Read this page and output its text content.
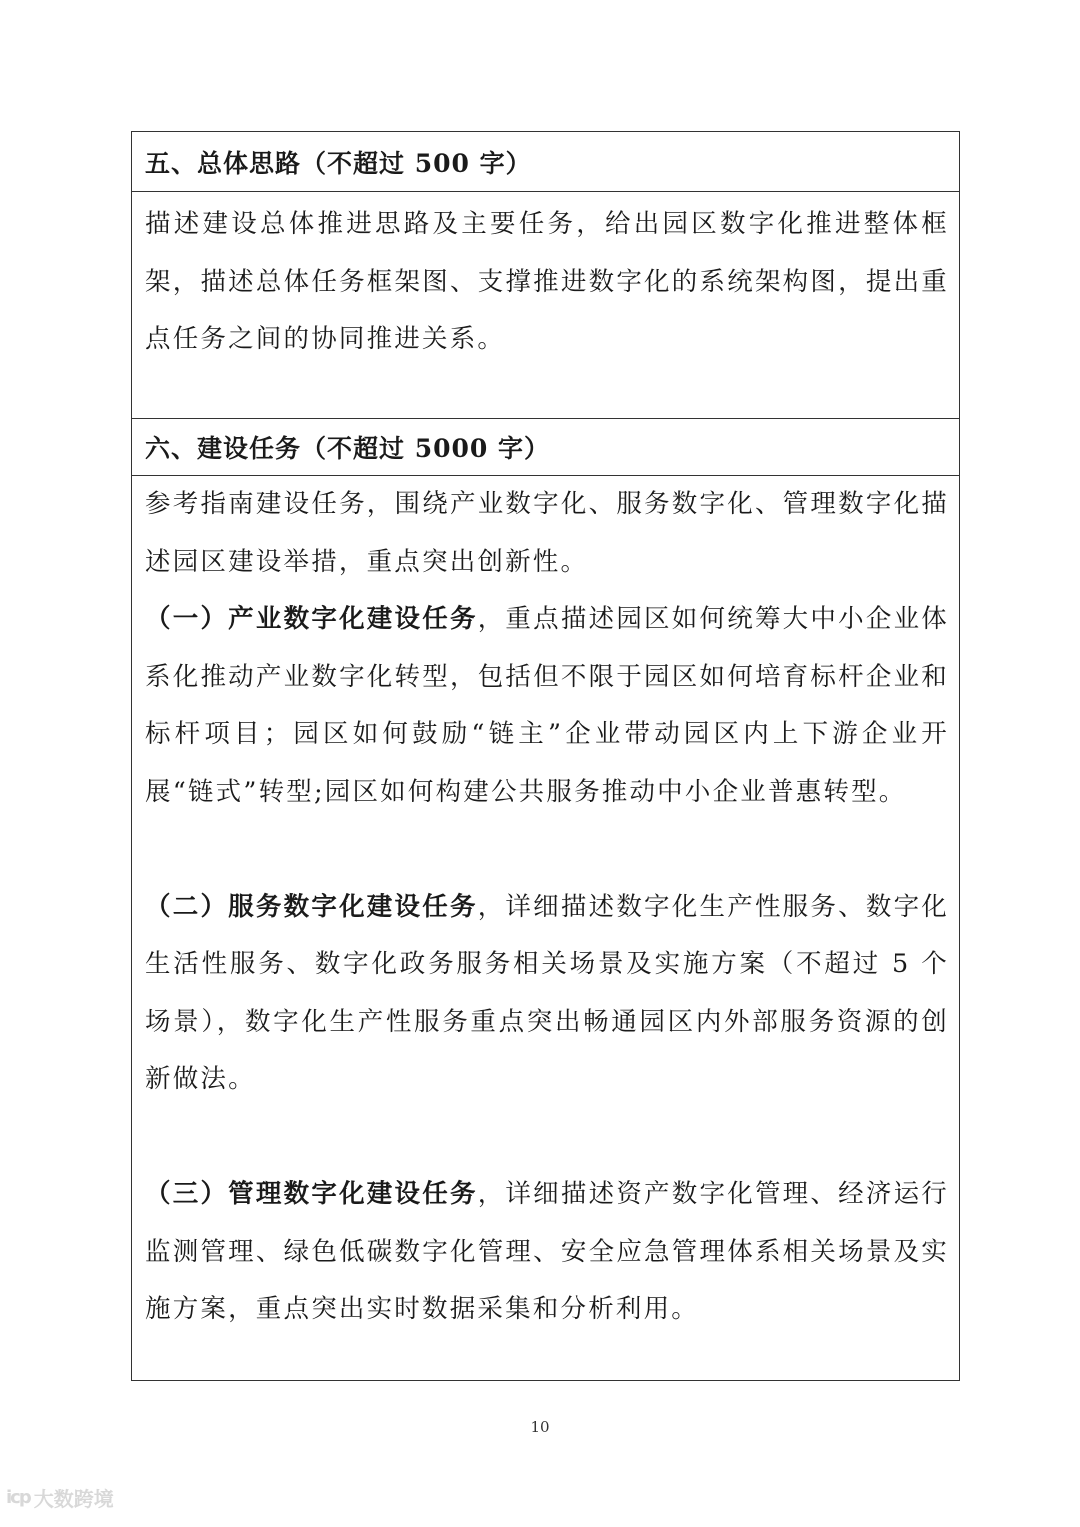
五、总体思路（不超过 500 字）

描述建设总体推进思路及主要任务，给出园区数字化推进整体框架，描述总体任务框架图、支撑推进数字化的系统架构图，提出重点任务之间的协同推进关系。

六、建设任务（不超过 5000 字）

参考指南建设任务，围绕产业数字化、服务数字化、管理数字化描述园区建设举措，重点突出创新性。

（一）产业数字化建设任务，重点描述园区如何统筹大中小企业体系化推动产业数字化转型，包括但不限于园区如何培育标杆企业和标杆项目；园区如何鼓励“链主”企业带动园区内上下游企业开展“链式”转型;园区如何构建公共服务推动中小企业普惠转型。

（二）服务数字化建设任务，详细描述数字化生产性服务、数字化生活性服务、数字化政务服务相关场景及实施方案（不超过 5 个场景），数字化生产性服务重点突出畅通园区内外部服务资源的创新做法。

（三）管理数字化建设任务，详细描述资产数字化管理、经济运行监测管理、绿色低碳数字化管理、安全应急管理体系相关场景及实施方案，重点突出实时数据采集和分析利用。

10
icp 大数跨境
